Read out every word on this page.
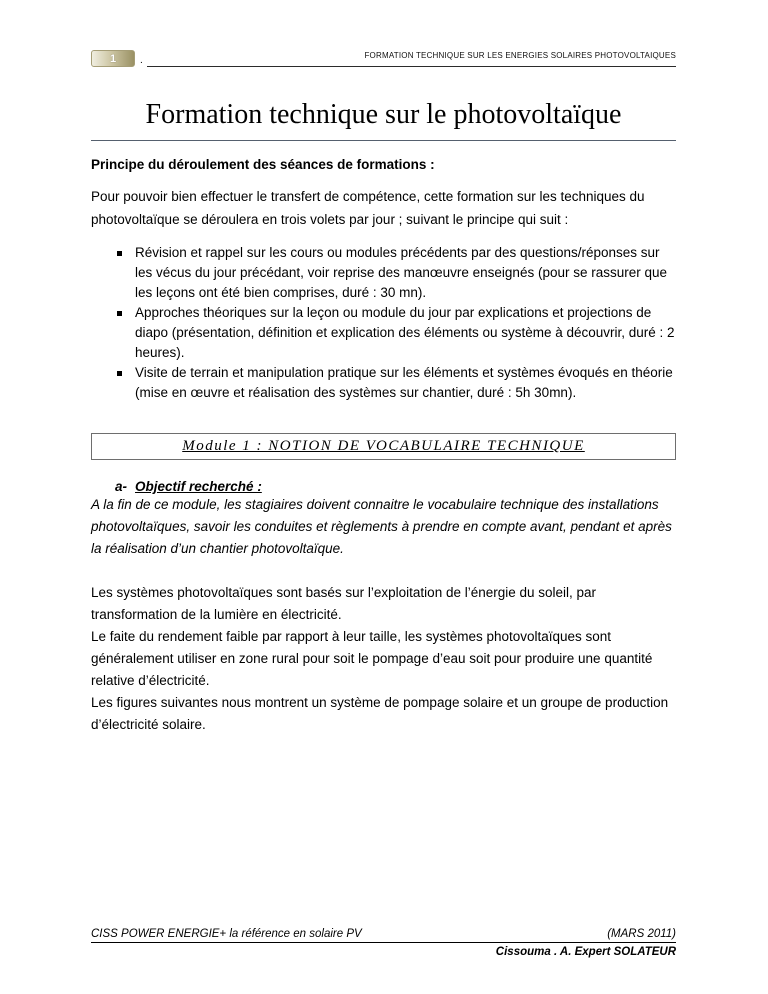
1	.	FORMATION TECHNIQUE SUR LES ENERGIES SOLAIRES PHOTOVOLTAIQUES
Formation technique sur le photovoltaïque
Principe du déroulement des séances de formations :
Pour pouvoir bien effectuer le transfert de compétence, cette formation sur les techniques du photovoltaïque se déroulera en trois volets par jour ; suivant le principe qui suit :
Révision et rappel sur les cours ou modules précédents par des questions/réponses sur les vécus du jour précédant, voir reprise des manœuvre enseignés (pour se rassurer que les leçons ont été bien comprises, duré : 30 mn).
Approches théoriques sur la leçon ou module du jour par explications et projections de diapo (présentation, définition et explication des éléments ou système à découvrir, duré : 2 heures).
Visite de terrain et manipulation pratique sur les éléments et systèmes évoqués en théorie (mise en œuvre et réalisation des systèmes sur chantier, duré : 5h 30mn).
Module 1 : NOTION DE VOCABULAIRE TECHNIQUE
a- Objectif recherché :
A la fin de ce module, les stagiaires doivent connaitre le vocabulaire technique des installations photovoltaïques, savoir les conduites et règlements à prendre en compte avant, pendant et après la réalisation d’un chantier photovoltaïque.

Les systèmes photovoltaïques sont basés sur l’exploitation de l’énergie du soleil, par transformation de la lumière en électricité.

Le faite du rendement faible par rapport à leur taille, les systèmes photovoltaïques sont généralement utiliser en zone rural pour soit le pompage d’eau soit pour produire une quantité relative d’électricité.

Les figures suivantes nous montrent un système de pompage solaire et un groupe de production d’électricité solaire.

CISS POWER ENERGIE+ la référence en solaire PV	(MARS 2011)
Cissouma . A. Expert SOLATEUR
